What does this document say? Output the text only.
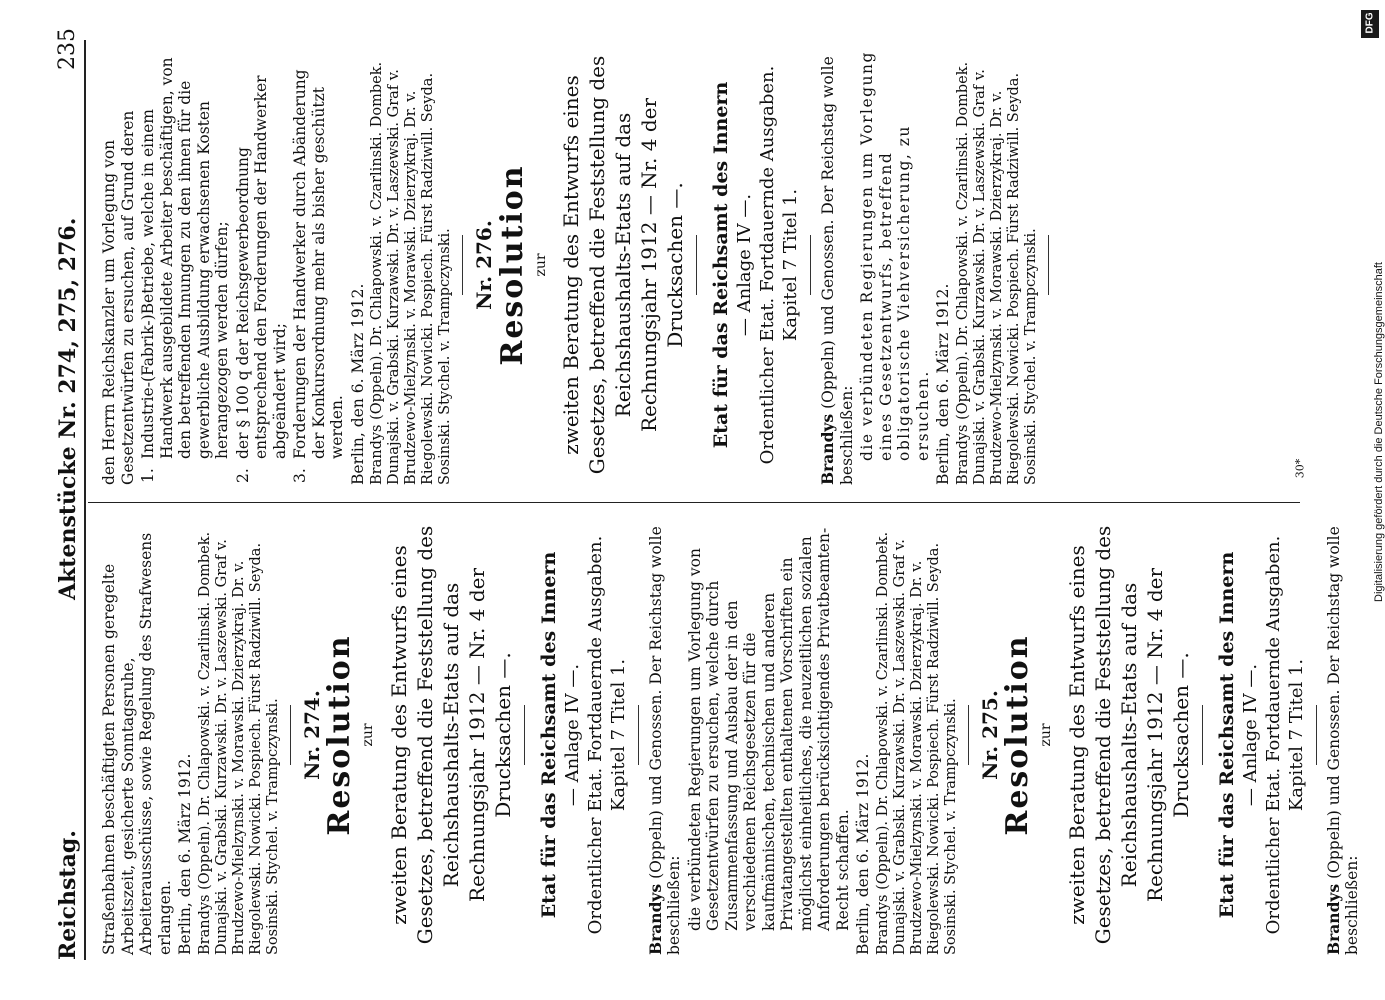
Reichstag.
Aktenstücke Nr. 274, 275, 276.
235

Straßenbahnen beschäftigten Personen geregelte Arbeitszeit, gesicherte Sonntagsruhe, Arbeiterausschüsse, sowie Regelung des Strafwesens erlangen. Berlin, den 6. März 1912. Brandys (Oppeln). Dr. Chlapowski. v. Czarlinski. Dombek. Dunajski. v. Grabski. Kurzawski. Dr. v. Laszewski. Graf v. Brudzewo-Mielzynski. v. Morawski. Dzierzykraj. Dr. v. Riegolewski. Nowicki. Pospiech. Fürst Radziwill. Seyda. Sosinski. Stychel. v. Trampczynski. Nr. 274.
Resolution zur zweiten Beratung des Entwurfs eines Gesetzes, betreffend die Feststellung des Reichshaushalts-Etats auf das Rechnungsjahr 1912 — Nr. 4 der Drucksachen —. Etat für das Reichsamt des Innern — Anlage IV —. Ordentlicher Etat. Fortdauernde Ausgaben. Kapitel 7 Titel 1.

Brandys (Oppeln) und Genossen. Der Reichstag wolle beschließen: die verbündeten Regierungen um Vorlegung von Gesetzentwürfen zu ersuchen, welche durch Zusammenfassung und Ausbau der in den verschiedenen Reichsgesetzen für die kaufmännischen, technischen und anderen Privatangestellten enthaltenen Vorschriften ein möglichst einheitliches, die neuzeitlichen sozialen Anforderungen berücksichtigendes Privatbeamten-Recht schaffen. Berlin, den 6. März 1912. Brandys (Oppeln). Dr. Chlapowski. v. Czarlinski. Dombek. Dunajski. v. Grabski. Kurzawski. Dr. v. Laszewski. Graf v. Brudzewo-Mielzynski. v. Morawski. Dzierzykraj. Dr. v. Riegolewski. Nowicki. Pospiech. Fürst Radziwill. Seyda. Sosinski. Stychel. v. Trampczynski. Nr. 275.
Resolution zur zweiten Beratung des Entwurfs eines Gesetzes, betreffend die Feststellung des Reichshaushalts-Etats auf das Rechnungsjahr 1912 — Nr. 4 der Drucksachen —. Etat für das Reichsamt des Innern — Anlage IV —. Ordentlicher Etat. Fortdauernde Ausgaben. Kapitel 7 Titel 1.

Brandys (Oppeln) und Genossen. Der Reichstag wolle beschließen:

den Herrn Reichskanzler um Vorlegung von Gesetzentwürfen zu ersuchen, auf Grund deren 1.
Industrie-(Fabrik-)Betriebe, welche in einem Handwerk ausgebildete Arbeiter beschäftigen, von den betreffenden Innungen zu den ihnen für die gewerbliche Ausbildung erwachsenen Kosten herangezogen werden dürfen;
2.
der § 100 q der Reichsgewerbeordnung entsprechend den Forderungen der Handwerker abgeändert wird;
3.
Forderungen der Handwerker durch Abänderung der Konkursordnung mehr als bisher geschützt werden. Berlin, den 6. März 1912. Brandys (Oppeln). Dr. Chlapowski. v. Czarlinski. Dombek. Dunajski. v. Grabski. Kurzawski. Dr. v. Laszewski. Graf v. Brudzewo-Mielzynski. v. Morawski. Dzierzykraj. Dr. v. Riegolewski. Nowicki. Pospiech. Fürst Radziwill. Seyda. Sosinski. Stychel. v. Trampczynski. Nr. 276.
Resolution zur zweiten Beratung des Entwurfs eines Gesetzes, betreffend die Feststellung des Reichshaushalts-Etats auf das Rechnungsjahr 1912 — Nr. 4 der Drucksachen —. Etat für das Reichsamt des Innern — Anlage IV —. Ordentlicher Etat. Fortdauernde Ausgaben. Kapitel 7 Titel 1.

Brandys (Oppeln) und Genossen. Der Reichstag wolle beschließen: die verbündeten Regierungen um Vorlegung eines Gesetzentwurfs, betreffend obligatorische Viehversicherung, zu ersuchen. Berlin, den 6. März 1912. Brandys (Oppeln). Dr. Chlapowski. v. Czarlinski. Dombek. Dunajski. v. Grabski. Kurzawski. Dr. v. Laszewski. Graf v. Brudzewo-Mielzynski. v. Morawski. Dzierzykraj. Dr. v. Riegolewski. Nowicki. Pospiech. Fürst Radziwill. Seyda. Sosinski. Stychel. v. Trampczynski.	30*
DFG
Digitalisierung gefördert durch die Deutsche Forschungsgemeinschaft
